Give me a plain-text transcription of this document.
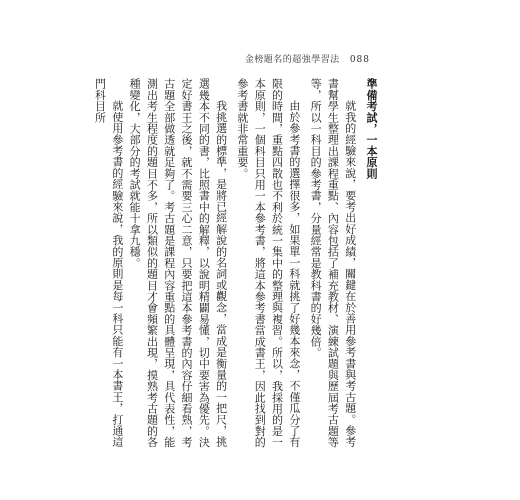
金榜題名的超強學習法 088

準備考試，一本原則

就我的經驗來說，要考出好成績，關鍵在於善用參考書與考古題。參考書幫學生整理出課程重點、內容包括了補充教材、演練試題與歷屆考古題等等，所以一科目的參考書，分量經常是教科書的好幾倍。

由於參考書的選擇很多，如果單一科就挑了好幾本來念，不僅瓜分了有限的時間，重點四散也不利於統一集中的整理與複習。所以，我採用的是一本原則，一個科目只用一本參考書，將這本參考書當成書王，因此找到對的參考書就非常重要。

我挑選的標準，是將已經解說的名詞或觀念，當成是衡量的一把尺，挑選幾本不同的書，比照書中的解釋，以說明精闢易懂，切中要害為優先。決定好書王之後，就不需要三心二意，只要把這本參考書的內容仔細看熟，考古題全部做透就足夠了。考古題是課程內容重點的具體呈現，具代表性，能測出考生程度的題目不多，所以類似的題目才會頻繁出現，摸熟考古題的各種變化，大部分的考試就能十拿九穩。

就使用參考書的經驗來說，我的原則是每一科只能有一本書王，打通這門科目所
